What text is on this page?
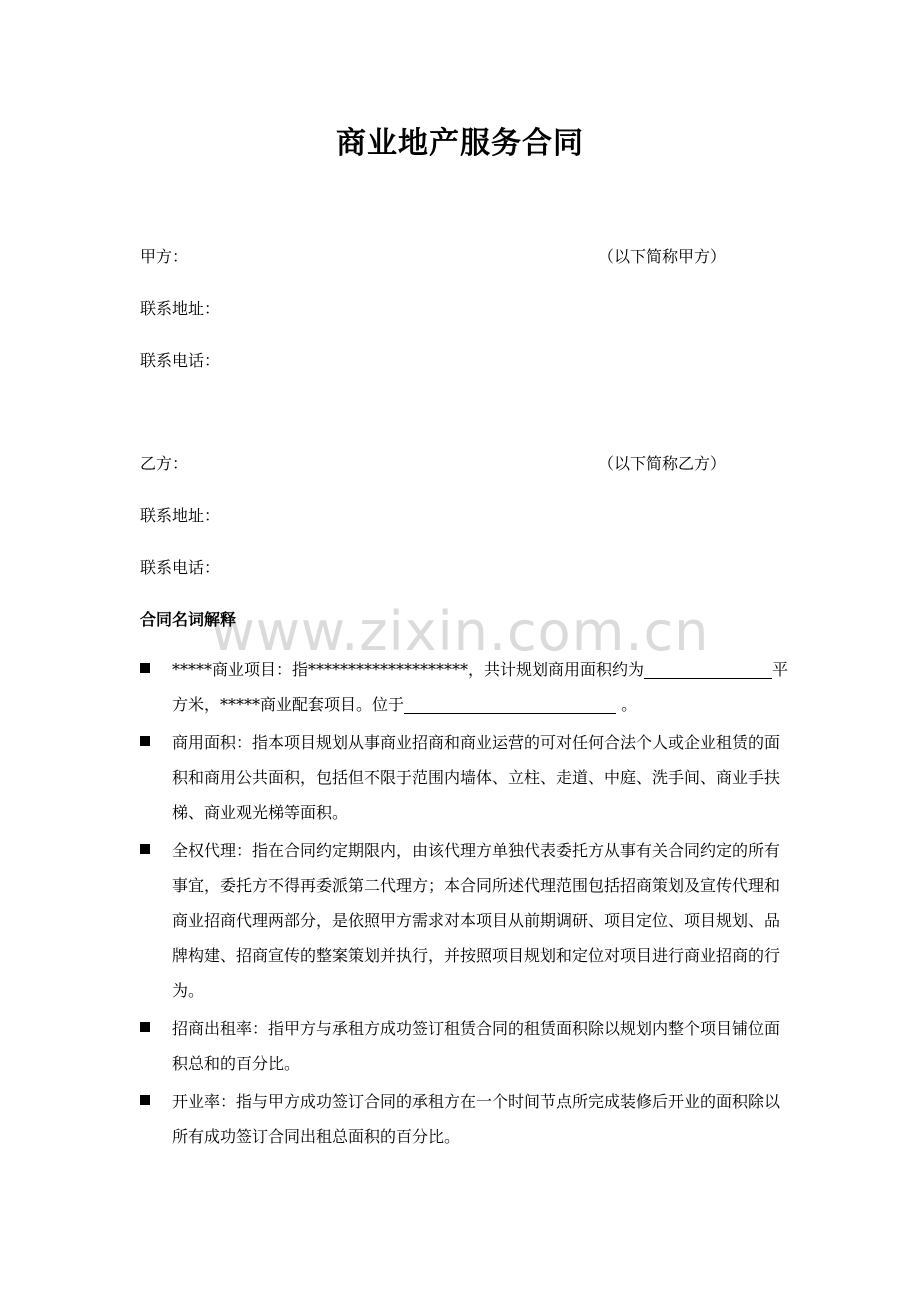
商业地产服务合同
甲方：	（以下简称甲方）
联系地址：
联系电话：
乙方：	（以下简称乙方）
联系地址：
联系电话：
www.zixin.com.cn
合同名词解释
*****商业项目：指********************，共计规划商用面积约为	平方米，*****商业配套项目。位于	。
商用面积：指本项目规划从事商业招商和商业运营的可对任何合法个人或企业租赁的面积和商用公共面积，包括但不限于范围内墙体、立柱、走道、中庭、洗手间、商业手扶梯、商业观光梯等面积。
全权代理：指在合同约定期限内，由该代理方单独代表委托方从事有关合同约定的所有事宜，委托方不得再委派第二代理方；本合同所述代理范围包括招商策划及宣传代理和商业招商代理两部分，是依照甲方需求对本项目从前期调研、项目定位、项目规划、品牌构建、招商宣传的整案策划并执行，并按照项目规划和定位对项目进行商业招商的行为。
招商出租率：指甲方与承租方成功签订租赁合同的租赁面积除以规划内整个项目铺位面积总和的百分比。
开业率：指与甲方成功签订合同的承租方在一个时间节点所完成装修后开业的面积除以所有成功签订合同出租总面积的百分比。
